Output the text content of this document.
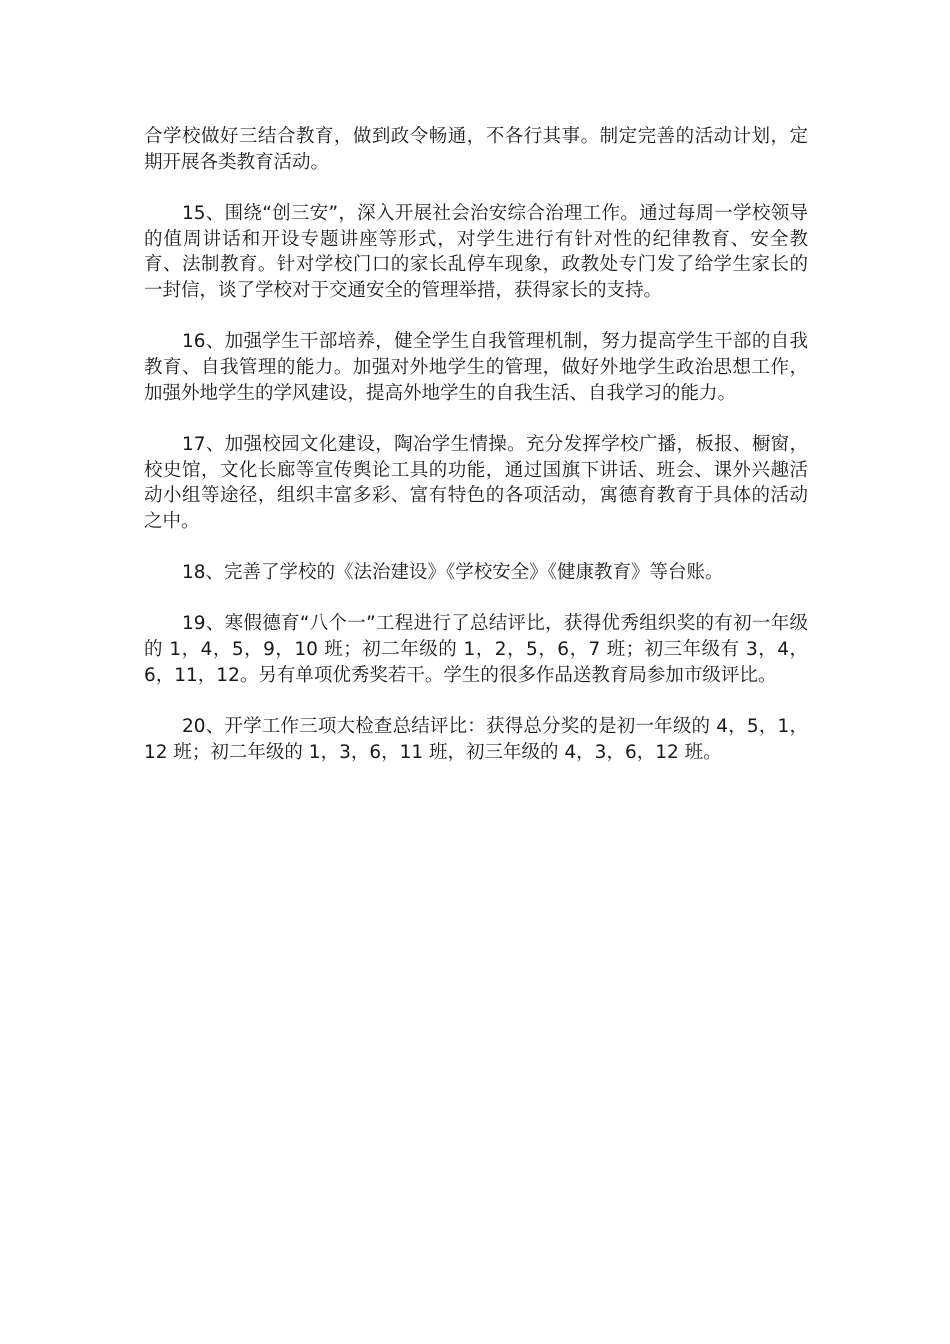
合学校做好三结合教育，做到政令畅通，不各行其事。制定完善的活动计划，定期开展各类教育活动。

15、围绕“创三安”，深入开展社会治安综合治理工作。通过每周一学校领导的值周讲话和开设专题讲座等形式，对学生进行有针对性的纪律教育、安全教育、法制教育。针对学校门口的家长乱停车现象，政教处专门发了给学生家长的一封信，谈了学校对于交通安全的管理举措，获得家长的支持。

16、加强学生干部培养，健全学生自我管理机制，努力提高学生干部的自我教育、自我管理的能力。加强对外地学生的管理，做好外地学生政治思想工作，加强外地学生的学风建设，提高外地学生的自我生活、自我学习的能力。

17、加强校园文化建设，陶冶学生情操。充分发挥学校广播，板报、橱窗，校史馆，文化长廊等宣传舆论工具的功能，通过国旗下讲话、班会、课外兴趣活动小组等途径，组织丰富多彩、富有特色的各项活动，寓德育教育于具体的活动之中。

18、完善了学校的《法治建设》《学校安全》《健康教育》等台账。

19、寒假德育“八个一”工程进行了总结评比，获得优秀组织奖的有初一年级的 1，4，5，9，10 班；初二年级的 1，2，5，6，7 班；初三年级有 3，4，6，11，12。另有单项优秀奖若干。学生的很多作品送教育局参加市级评比。

20、开学工作三项大检查总结评比：获得总分奖的是初一年级的 4，5，1，12 班；初二年级的 1，3，6，11 班，初三年级的 4，3，6，12 班。
